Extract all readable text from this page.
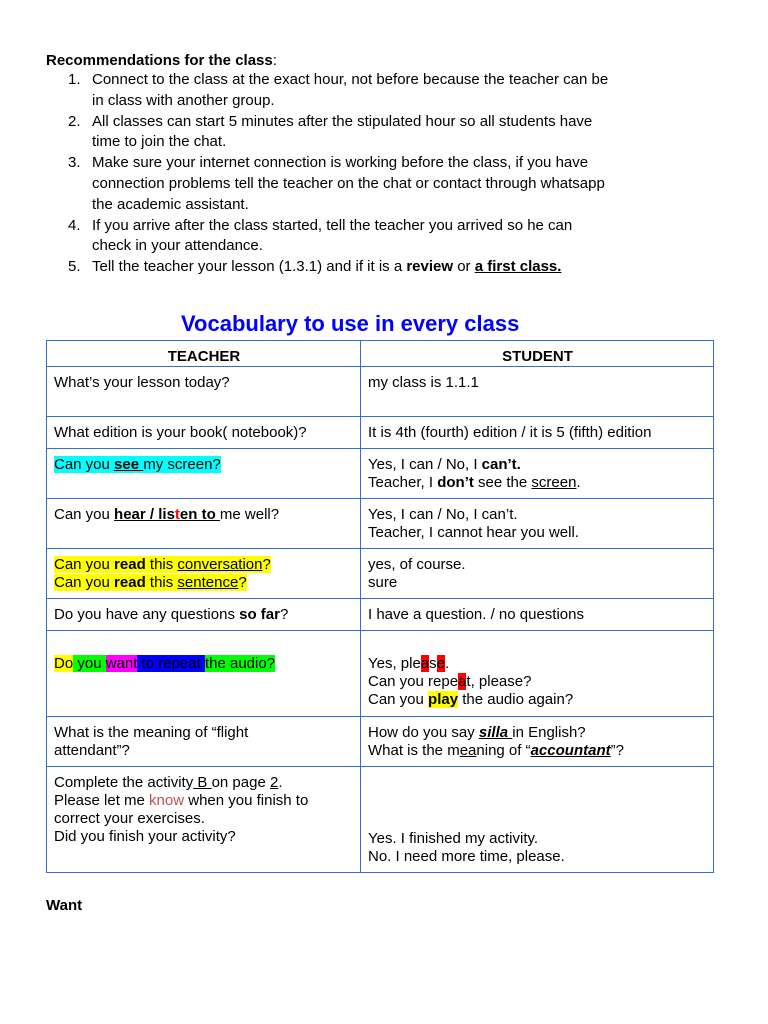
Recommendations for the class:
1. Connect to the class at the exact hour, not before because the teacher can be
in class with another group.
2. All classes can start 5 minutes after the stipulated hour so all students have
time to join the chat.
3. Make sure your internet connection is working before the class, if you have
connection problems tell the teacher on the chat or contact through whatsapp
the academic assistant.
4. If you arrive after the class started, tell the teacher you arrived so he can
check in your attendance.
5. Tell the teacher your lesson (1.3.1) and if it is a review or a first class.
Vocabulary to use in every class
TEACHER	STUDENT
What’s your lesson today?	my class is 1.1.1
What edition is your book( notebook)?	It is 4th (fourth) edition / it is 5 (fifth) edition
Can you see my screen?	Yes, I can / No, I can’t.
Teacher, I don’t see the screen.

Can you hear / listen to me well?	Yes, I can / No, I can’t.
Teacher, I cannot hear you well.

Can you read this conversation?
Can you read this sentence?	yes, of course.
sure

Do you have any questions so far?	I have a question. / no questions
Do you want to repeat the audio?	Yes, please.
Can you repeat, please?
Can you play the audio again?

What is the meaning of “flight
attendant”?	How do you say silla in English?
What is the meaning of “accountant”?

Complete the activity B on page 2.
Please let me know when you finish to
correct your exercises.
Did you finish your activity?	Yes. I finished my activity.
No. I need more time, please.
Want
